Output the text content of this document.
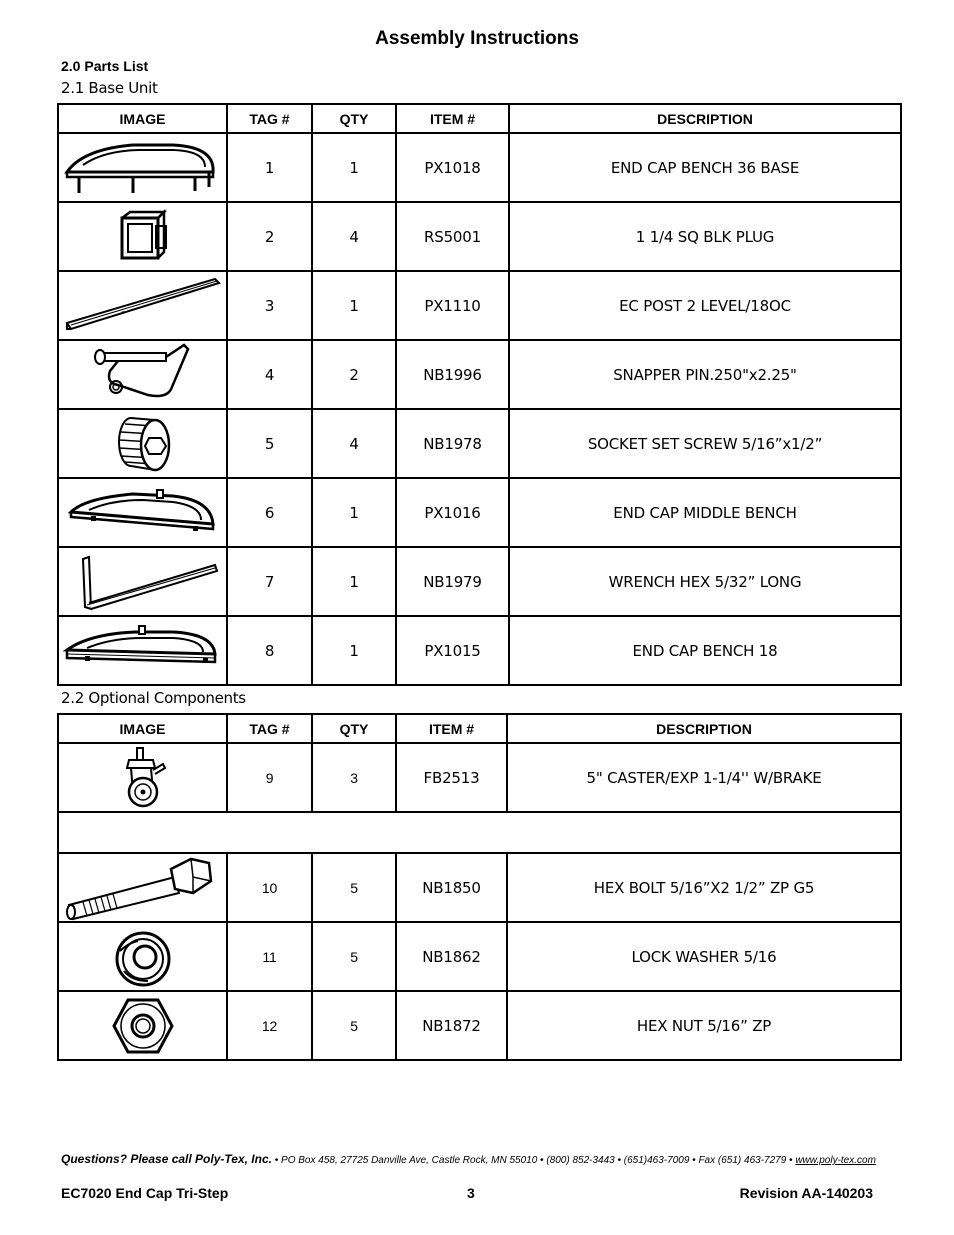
Assembly Instructions
2.0 Parts List
2.1 Base Unit
IMAGE	TAG #	QTY	ITEM #	DESCRIPTION

	1	1	PX1018	END CAP BENCH 36 BASE

	2	4	RS5001	1 1/4 SQ BLK PLUG

	3	1	PX1110	EC POST 2 LEVEL/18OC

	4	2	NB1996	SNAPPER PIN.250"x2.25"

	5	4	NB1978	SOCKET SET SCREW 5/16”x1/2”

	6	1	PX1016	END CAP MIDDLE BENCH

	7	1	NB1979	WRENCH HEX 5/32” LONG

	8	1	PX1015	END CAP BENCH 18
2.2 Optional Components
IMAGE	TAG #	QTY	ITEM #	DESCRIPTION

	9	3	FB2513	5" CASTER/EXP 1-1/4'' W/BRAKE

	10	5	NB1850	HEX BOLT 5/16”X2 1/2” ZP G5

	11	5	NB1862	LOCK WASHER 5/16

	12	5	NB1872	HEX NUT 5/16” ZP
Questions? Please call Poly-Tex, Inc. • PO Box 458, 27725 Danville Ave, Castle Rock, MN 55010 • (800) 852-3443 • (651)463-7009 • Fax (651) 463-7279 • www.poly-tex.com
EC7020 End Cap Tri-Step	3	Revision AA-140203
